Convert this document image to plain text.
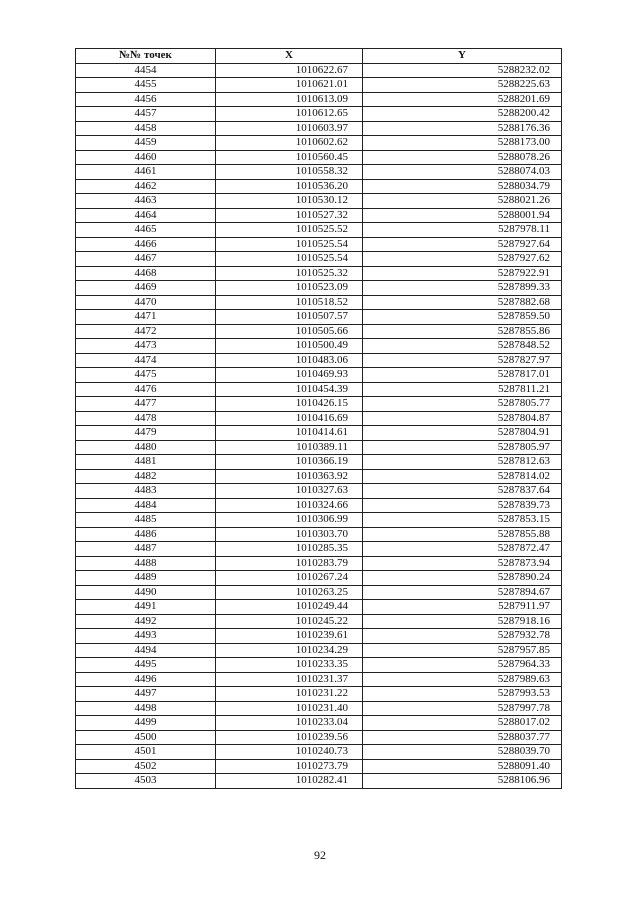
№№ точек	X	Y
4454	1010622.67	5288232.02
4455	1010621.01	5288225.63
4456	1010613.09	5288201.69
4457	1010612.65	5288200.42
4458	1010603.97	5288176.36
4459	1010602.62	5288173.00
4460	1010560.45	5288078.26
4461	1010558.32	5288074.03
4462	1010536.20	5288034.79
4463	1010530.12	5288021.26
4464	1010527.32	5288001.94
4465	1010525.52	5287978.11
4466	1010525.54	5287927.64
4467	1010525.54	5287927.62
4468	1010525.32	5287922.91
4469	1010523.09	5287899.33
4470	1010518.52	5287882.68
4471	1010507.57	5287859.50
4472	1010505.66	5287855.86
4473	1010500.49	5287848.52
4474	1010483.06	5287827.97
4475	1010469.93	5287817.01
4476	1010454.39	5287811.21
4477	1010426.15	5287805.77
4478	1010416.69	5287804.87
4479	1010414.61	5287804.91
4480	1010389.11	5287805.97
4481	1010366.19	5287812.63
4482	1010363.92	5287814.02
4483	1010327.63	5287837.64
4484	1010324.66	5287839.73
4485	1010306.99	5287853.15
4486	1010303.70	5287855.88
4487	1010285.35	5287872.47
4488	1010283.79	5287873.94
4489	1010267.24	5287890.24
4490	1010263.25	5287894.67
4491	1010249.44	5287911.97
4492	1010245.22	5287918.16
4493	1010239.61	5287932.78
4494	1010234.29	5287957.85
4495	1010233.35	5287964.33
4496	1010231.37	5287989.63
4497	1010231.22	5287993.53
4498	1010231.40	5287997.78
4499	1010233.04	5288017.02
4500	1010239.56	5288037.77
4501	1010240.73	5288039.70
4502	1010273.79	5288091.40
4503	1010282.41	5288106.96
92
